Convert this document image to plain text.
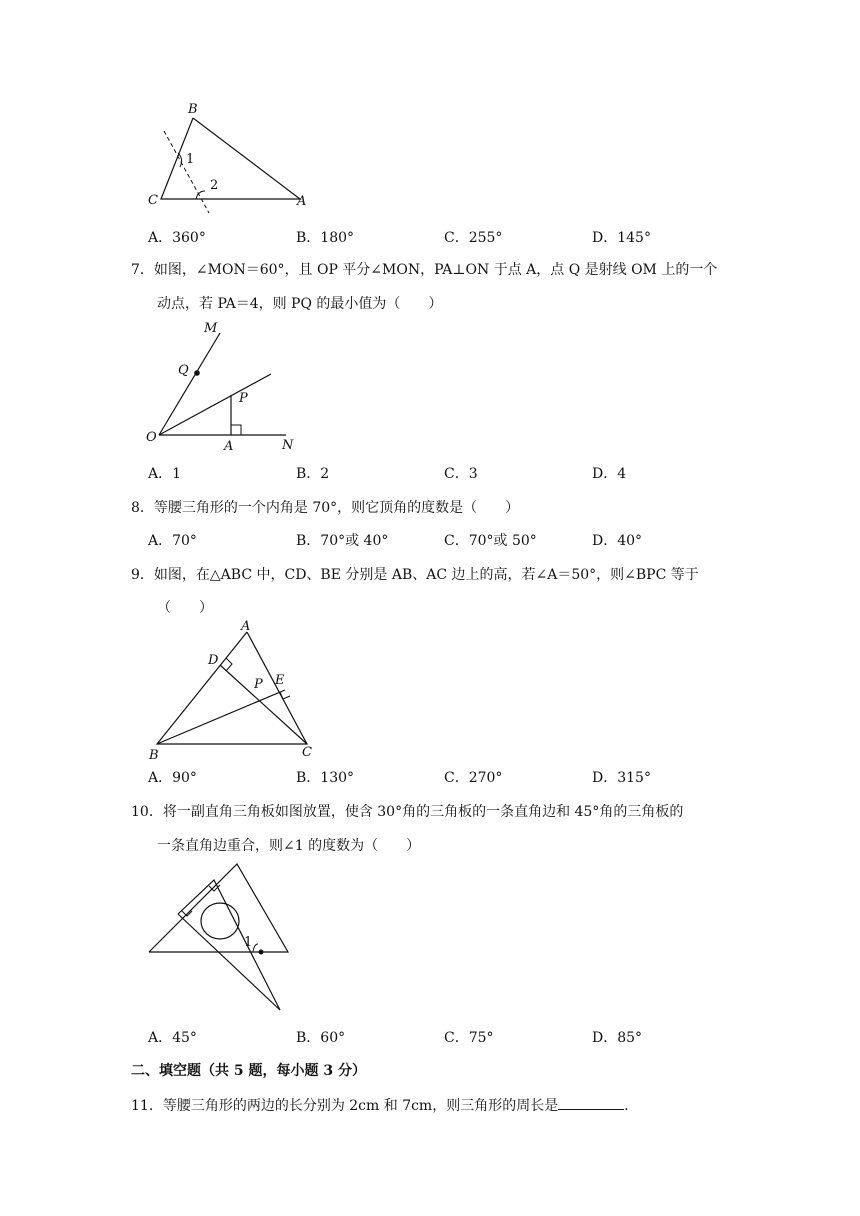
B
C	A
1
2
A．360°	B．180°	C．255°	D．145°
7．如图，∠MON＝60°，且 OP 平分∠MON，PA⊥ON 于点 A，点 Q 是射线 OM 上的一个
动点，若 PA＝4，则 PQ 的最小值为（　　）
M
Q
P
O
A	N
A．1	B．2	C．3	D．4
8．等腰三角形的一个内角是 70°，则它顶角的度数是（　　）
A．70°	B．70°或 40°	C．70°或 50°	D．40°
9．如图，在△ABC 中，CD、BE 分别是 AB、AC 边上的高，若∠A＝50°，则∠BPC 等于
（　　）
A
D
P E
B	C
A．90°	B．130°	C．270°	D．315°
10．将一副直角三角板如图放置，使含 30°角的三角板的一条直角边和 45°角的三角板的
一条直角边重合，则∠1 的度数为（　　）
1
A．45°	B．60°	C．75°	D．85°
二、填空题（共 5 题，每小题 3 分）
11．等腰三角形的两边的长分别为 2cm 和 7cm，则三角形的周长是	．
